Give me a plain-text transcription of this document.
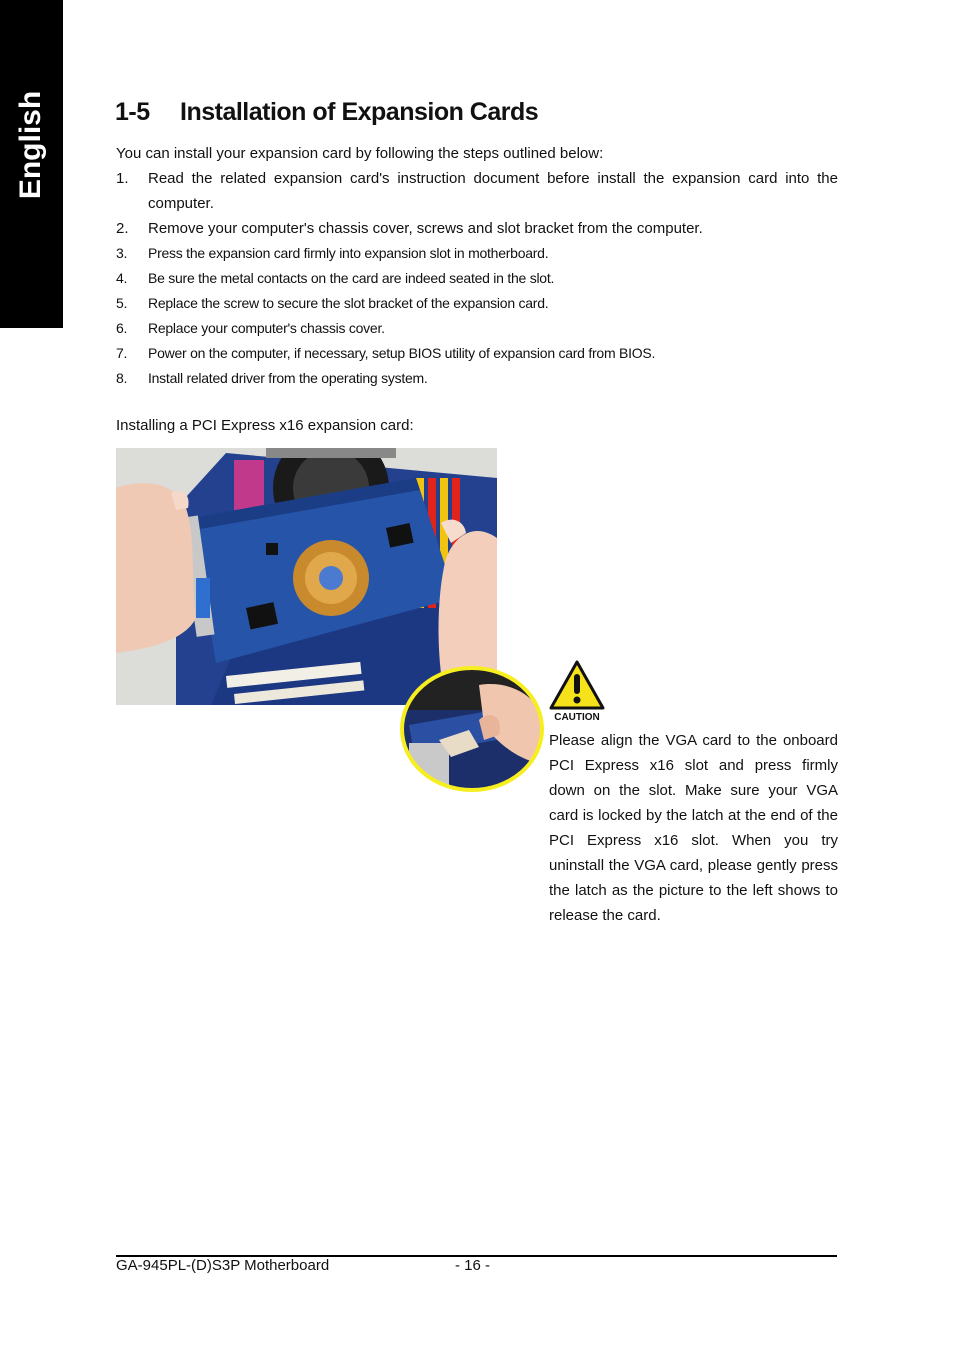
English	1-5 Installation of Expansion Cards

You can install your expansion card by following the steps outlined below:

1. Read the related expansion card's instruction document before install the expansion card into the computer.
2. Remove your computer's chassis cover, screws and slot bracket from the computer.
3. Press the expansion card firmly into expansion slot in motherboard.
4. Be sure the metal contacts on the card are indeed seated in the slot.
5. Replace the screw to secure the slot bracket of the expansion card.
6. Replace your computer's chassis cover.
7. Power on the computer, if necessary, setup BIOS utility of expansion card from BIOS.
8. Install related driver from the operating system.

Installing a PCI Express x16 expansion card:

CAUTION

Please align the VGA card to the onboard PCI Express x16 slot and press firmly down on the slot. Make sure your VGA card is locked by the latch at the end of the PCI Express x16 slot. When you try uninstall the VGA card, please gently press the latch as the picture to the left shows to release the card.

GA-945PL-(D)S3P Motherboard	- 16 -
